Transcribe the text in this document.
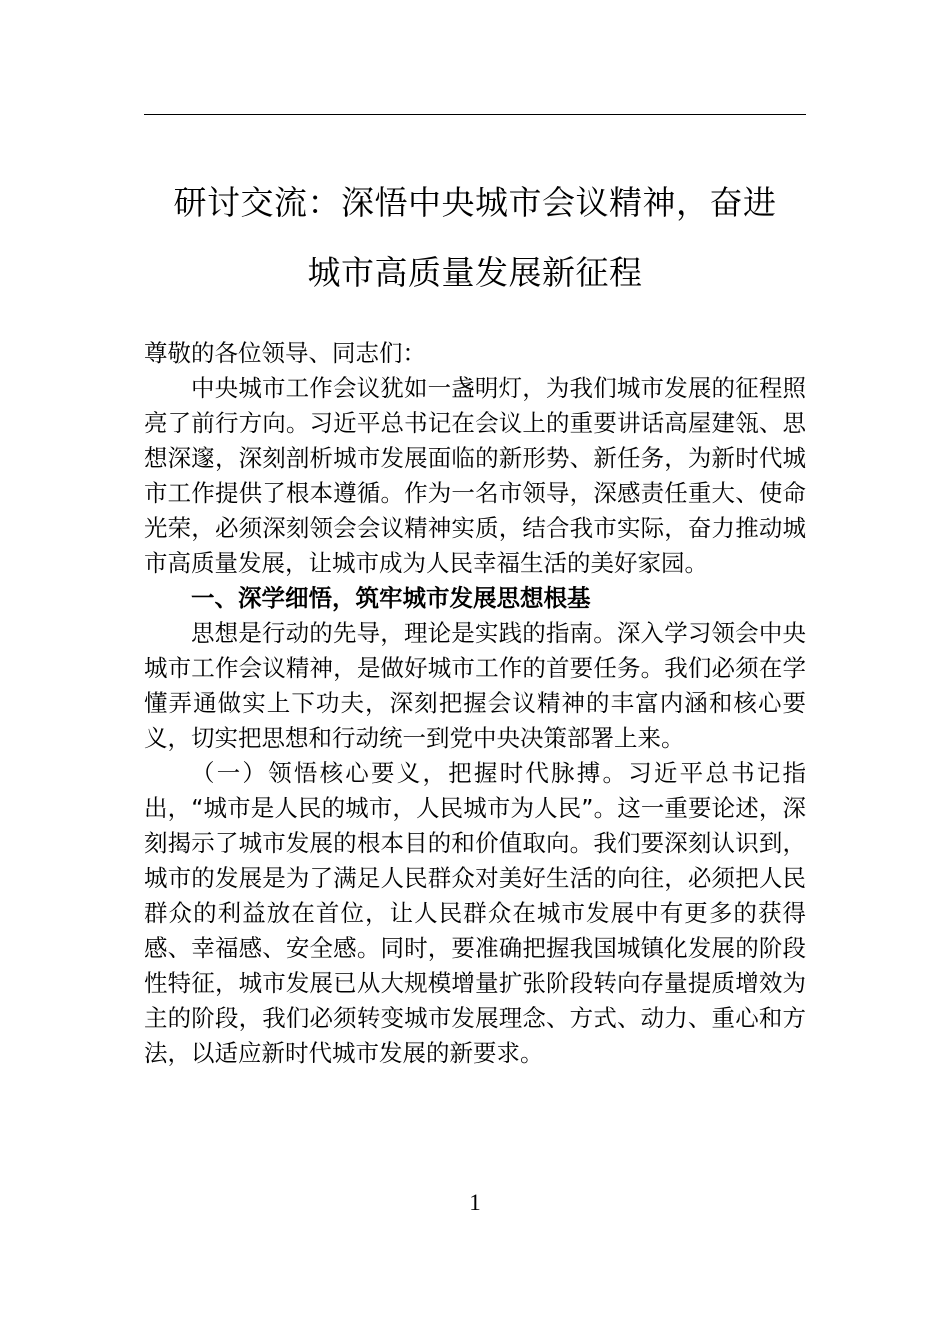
研讨交流：深悟中央城市会议精神，奋进
城市高质量发展新征程

尊敬的各位领导、同志们：

中央城市工作会议犹如一盏明灯，为我们城市发展的征程照亮了前行方向。习近平总书记在会议上的重要讲话高屋建瓴、思想深邃，深刻剖析城市发展面临的新形势、新任务，为新时代城市工作提供了根本遵循。作为一名市领导，深感责任重大、使命光荣，必须深刻领会会议精神实质，结合我市实际，奋力推动城市高质量发展，让城市成为人民幸福生活的美好家园。

一、深学细悟，筑牢城市发展思想根基

思想是行动的先导，理论是实践的指南。深入学习领会中央城市工作会议精神，是做好城市工作的首要任务。我们必须在学懂弄通做实上下功夫，深刻把握会议精神的丰富内涵和核心要义，切实把思想和行动统一到党中央决策部署上来。

（一）领悟核心要义，把握时代脉搏。习近平总书记指出，“城市是人民的城市，人民城市为人民”。这一重要论述，深刻揭示了城市发展的根本目的和价值取向。我们要深刻认识到，城市的发展是为了满足人民群众对美好生活的向往，必须把人民群众的利益放在首位，让人民群众在城市发展中有更多的获得感、幸福感、安全感。同时，要准确把握我国城镇化发展的阶段性特征，城市发展已从大规模增量扩张阶段转向存量提质增效为主的阶段，我们必须转变城市发展理念、方式、动力、重心和方法，以适应新时代城市发展的新要求。

1
